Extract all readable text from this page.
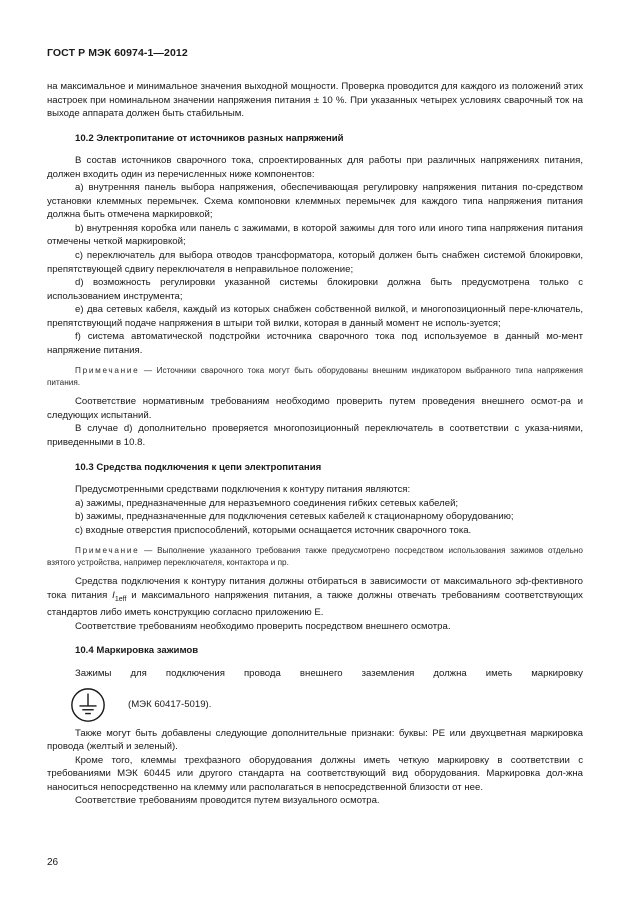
ГОСТ Р МЭК 60974-1—2012

на максимальное и минимальное значения выходной мощности. Проверка проводится для каждого из положений этих настроек при номинальном значении напряжения питания ± 10 %. При указанных четырех условиях сварочный ток на выходе аппарата должен быть стабильным.

10.2 Электропитание от источников разных напряжений

В состав источников сварочного тока, спроектированных для работы при различных напряжениях питания, должен входить один из перечисленных ниже компонентов:

a) внутренняя панель выбора напряжения, обеспечивающая регулировку напряжения питания по-средством установки клеммных перемычек. Схема компоновки клеммных перемычек для каждого типа напряжения питания должна быть отмечена маркировкой;

b) внутренняя коробка или панель с зажимами, в которой зажимы для того или иного типа напряжения питания отмечены четкой маркировкой;

c) переключатель для выбора отводов трансформатора, который должен быть снабжен системой блокировки, препятствующей сдвигу переключателя в неправильное положение;

d) возможность регулировки указанной системы блокировки должна быть предусмотрена только с использованием инструмента;

e) два сетевых кабеля, каждый из которых снабжен собственной вилкой, и многопозиционный пере-ключатель, препятствующий подаче напряжения в штыри той вилки, которая в данный момент не исполь-зуется;

f) система автоматической подстройки источника сварочного тока под используемое в данный мо-мент напряжение питания.

Примечание — Источники сварочного тока могут быть оборудованы внешним индикатором выбранного типа напряжения питания.

Соответствие нормативным требованиям необходимо проверить путем проведения внешнего осмот-ра и следующих испытаний.

В случае d) дополнительно проверяется многопозиционный переключатель в соответствии с указа-ниями, приведенными в 10.8.

10.3 Средства подключения к цепи электропитания

Предусмотренными средствами подключения к контуру питания являются:

a) зажимы, предназначенные для неразъемного соединения гибких сетевых кабелей;

b) зажимы, предназначенные для подключения сетевых кабелей к стационарному оборудованию;

c) входные отверстия приспособлений, которыми оснащается источник сварочного тока.

Примечание — Выполнение указанного требования также предусмотрено посредством использования зажимов отдельно взятого устройства, например переключателя, контактора и пр.

Средства подключения к контуру питания должны отбираться в зависимости от максимального эф-фективного тока питания $I_{1eff}$ и максимального напряжения питания, а также должны отвечать требованиям соответствующих стандартов либо иметь конструкцию согласно приложению Е.

Соответствие требованиям необходимо проверить посредством внешнего осмотра.

10.4 Маркировка зажимов

Зажимы для подключения провода внешнего заземления должна иметь маркировку
(МЭК 60417-5019).

Также могут быть добавлены следующие дополнительные признаки: буквы: PE или двухцветная маркировка провода (желтый и зеленый).

Кроме того, клеммы трехфазного оборудования должны иметь четкую маркировку в соответствии с требованиями МЭК 60445 или другого стандарта на соответствующий вид оборудования. Маркировка дол-жна наноситься непосредственно на клемму или располагаться в непосредственной близости от нее.

Соответствие требованиям проводится путем визуального осмотра.

26
